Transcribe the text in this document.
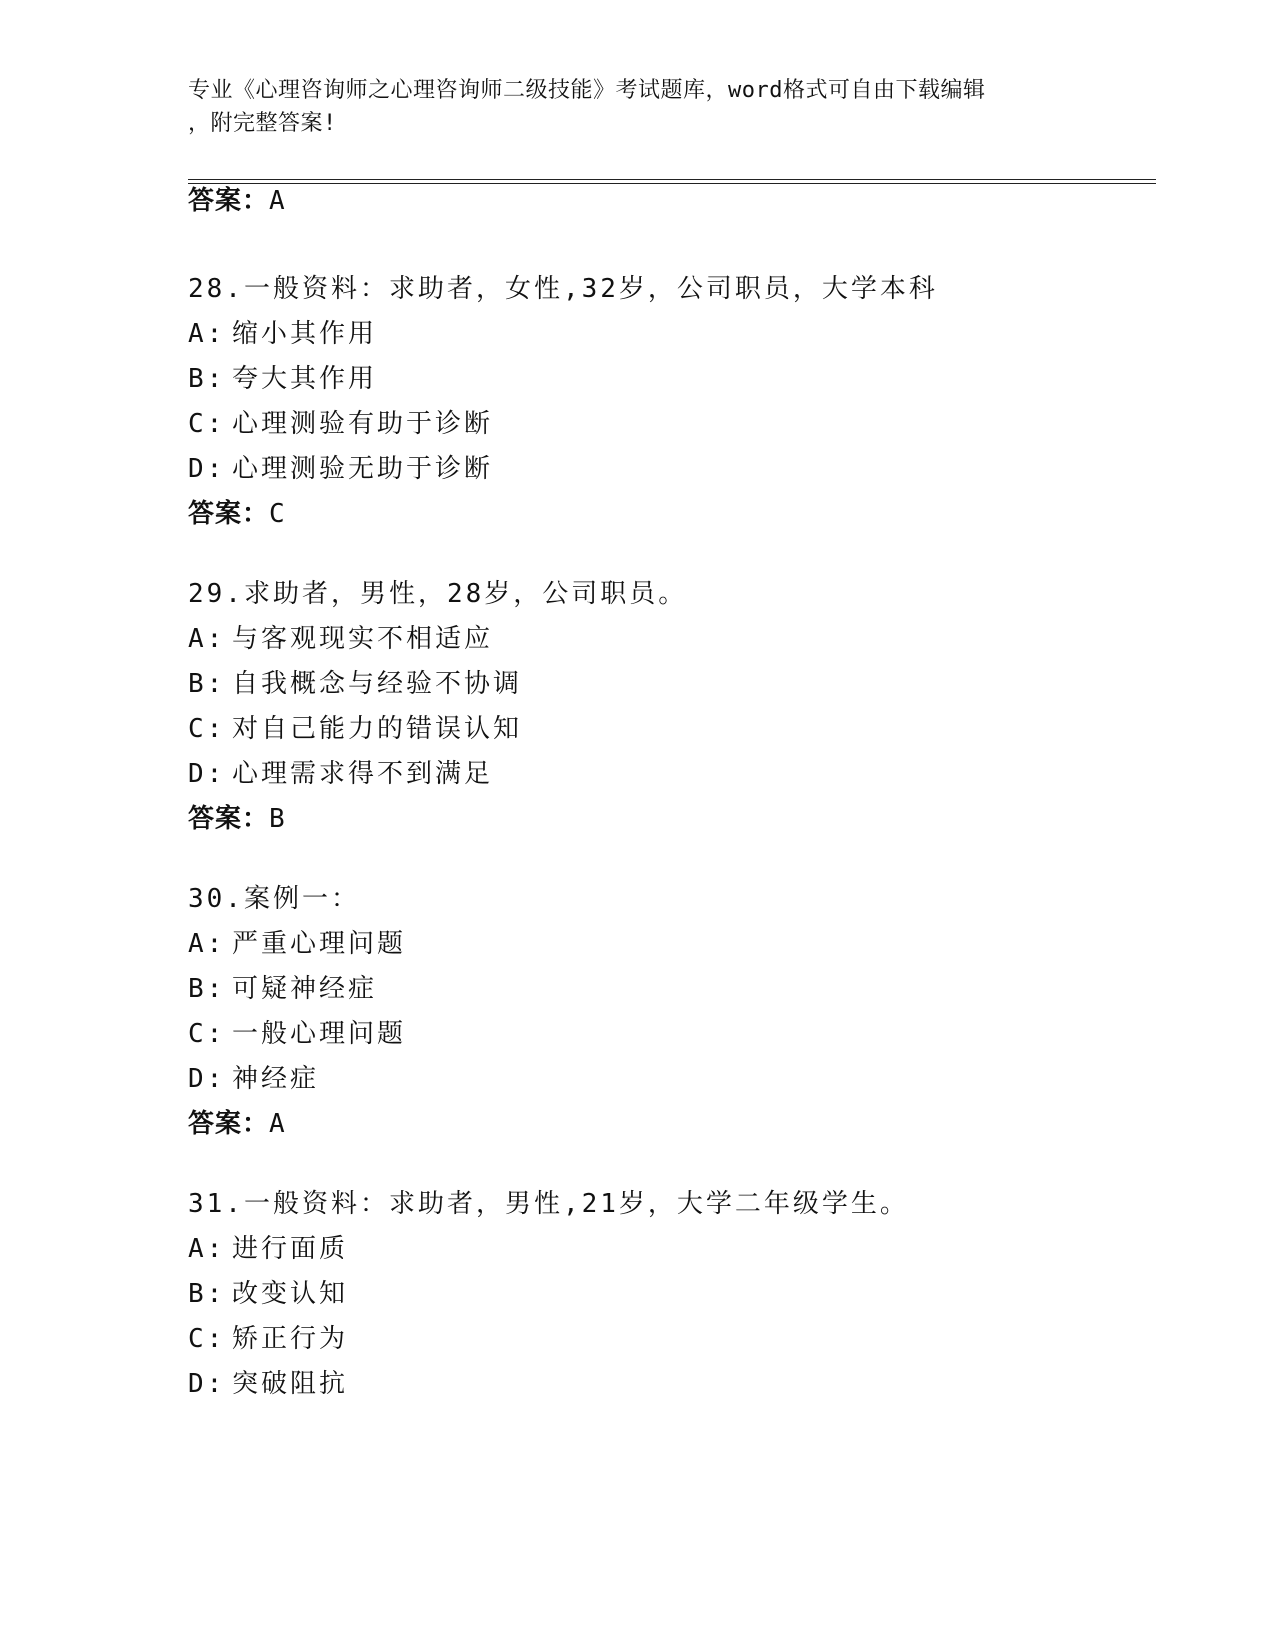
专业《心理咨询师之心理咨询师二级技能》考试题库，word格式可自由下载编辑
，附完整答案!
答案：A
28.一般资料：求助者，女性,32岁，公司职员，大学本科
A: 缩小其作用
B: 夸大其作用
C: 心理测验有助于诊断
D: 心理测验无助于诊断
答案：C
29.求助者，男性，28岁，公司职员。
A: 与客观现实不相适应
B: 自我概念与经验不协调
C: 对自己能力的错误认知
D: 心理需求得不到满足
答案：B
30.案例一：
A: 严重心理问题
B: 可疑神经症
C: 一般心理问题
D: 神经症
答案：A
31.一般资料：求助者，男性,21岁，大学二年级学生。
A: 进行面质
B: 改变认知
C: 矫正行为
D: 突破阻抗
